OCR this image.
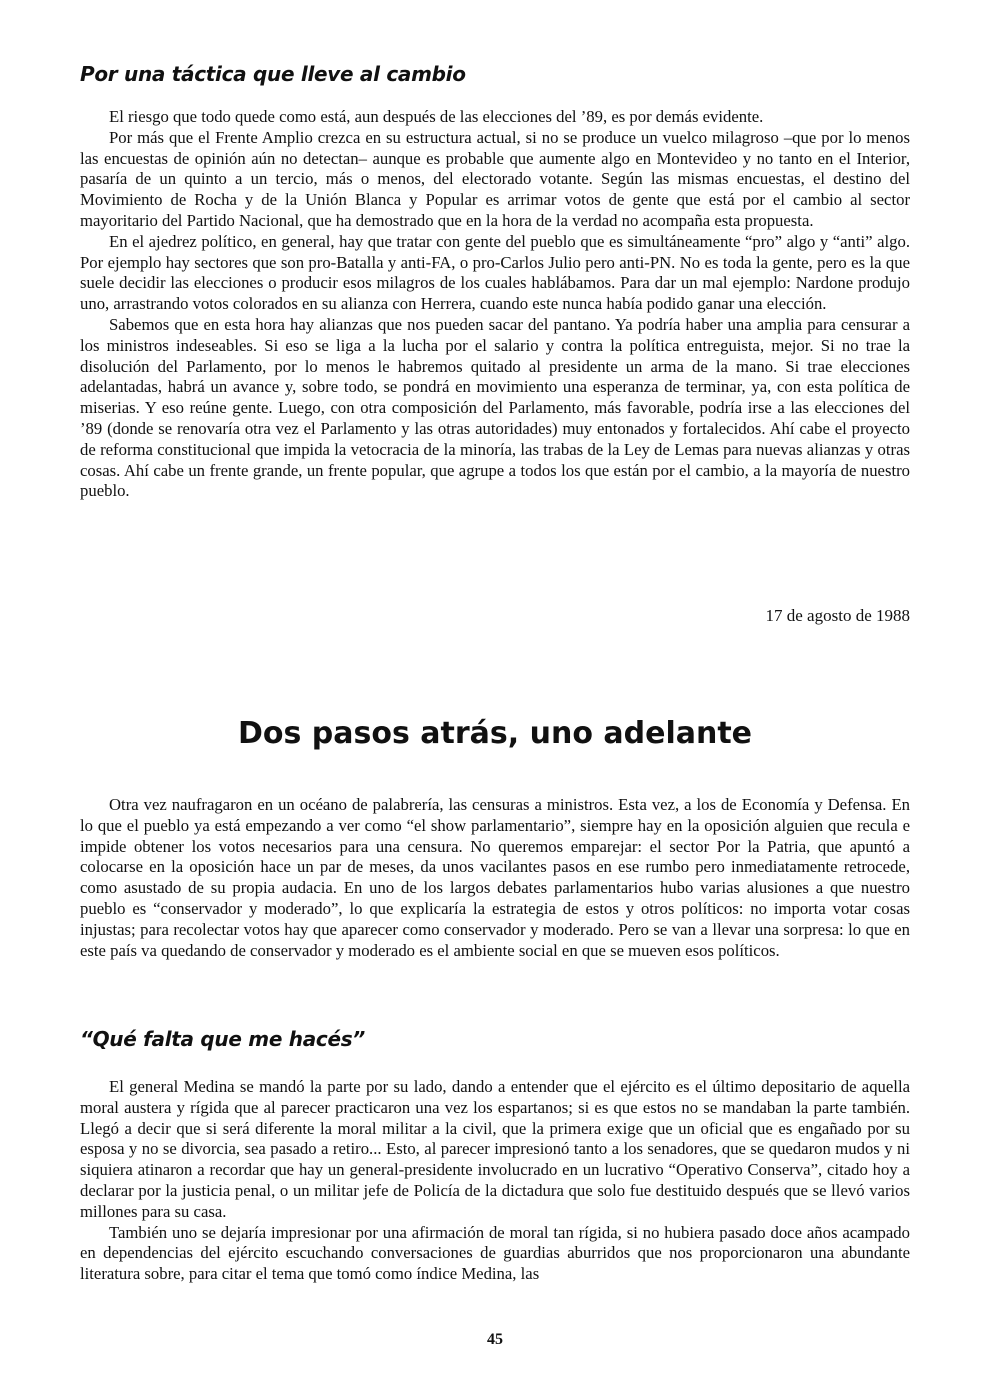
Por una táctica que lleve al cambio

El riesgo que todo quede como está, aun después de las elecciones del ’89, es por demás evidente.

Por más que el Frente Amplio crezca en su estructura actual, si no se produce un vuelco milagroso –que por lo menos las encuestas de opinión aún no detectan– aunque es probable que aumente algo en Montevideo y no tanto en el Interior, pasaría de un quinto a un tercio, más o menos, del electorado votante. Según las mismas encuestas, el destino del Movimiento de Rocha y de la Unión Blanca y Popular es arrimar votos de gente que está por el cambio al sector mayoritario del Partido Nacional, que ha demostrado que en la hora de la verdad no acompaña esta propuesta.

En el ajedrez político, en general, hay que tratar con gente del pueblo que es simultáneamente “pro” algo y “anti” algo. Por ejemplo hay sectores que son pro-Batalla y anti-FA, o pro-Carlos Julio pero anti-PN. No es toda la gente, pero es la que suele decidir las elecciones o producir esos milagros de los cuales hablábamos. Para dar un mal ejemplo: Nardone produjo uno, arrastrando votos colorados en su alianza con Herrera, cuando este nunca había podido ganar una elección.

Sabemos que en esta hora hay alianzas que nos pueden sacar del pantano. Ya podría haber una amplia para censurar a los ministros indeseables. Si eso se liga a la lucha por el salario y contra la política entreguista, mejor. Si no trae la disolución del Parlamento, por lo menos le habremos quitado al presidente un arma de la mano. Si trae elecciones adelantadas, habrá un avance y, sobre todo, se pondrá en movimiento una esperanza de terminar, ya, con esta política de miserias. Y eso reúne gente. Luego, con otra composición del Parlamento, más favorable, podría irse a las elecciones del ’89 (donde se renovaría otra vez el Parlamento y las otras autoridades) muy entonados y fortalecidos. Ahí cabe el proyecto de reforma constitucional que impida la vetocracia de la minoría, las trabas de la Ley de Lemas para nuevas alianzas y otras cosas. Ahí cabe un frente grande, un frente popular, que agrupe a todos los que están por el cambio, a la mayoría de nuestro pueblo.

17 de agosto de 1988

Dos pasos atrás, uno adelante

Otra vez naufragaron en un océano de palabrería, las censuras a ministros. Esta vez, a los de Economía y Defensa. En lo que el pueblo ya está empezando a ver como “el show parlamentario”, siempre hay en la oposición alguien que recula e impide obtener los votos necesarios para una censura. No queremos emparejar: el sector Por la Patria, que apuntó a colocarse en la oposición hace un par de meses, da unos vacilantes pasos en ese rumbo pero inmediatamente retrocede, como asustado de su propia audacia. En uno de los largos debates parlamentarios hubo varias alusiones a que nuestro pueblo es “conservador y moderado”, lo que explicaría la estrategia de estos y otros políticos: no importa votar cosas injustas; para recolectar votos hay que aparecer como conservador y moderado. Pero se van a llevar una sorpresa: lo que en este país va quedando de conservador y moderado es el ambiente social en que se mueven esos políticos.

“Qué falta que me hacés”

El general Medina se mandó la parte por su lado, dando a entender que el ejército es el último depositario de aquella moral austera y rígida que al parecer practicaron una vez los espartanos; si es que estos no se mandaban la parte también. Llegó a decir que si será diferente la moral militar a la civil, que la primera exige que un oficial que es engañado por su esposa y no se divorcia, sea pasado a retiro... Esto, al parecer impresionó tanto a los senadores, que se quedaron mudos y ni siquiera atinaron a recordar que hay un general-presidente involucrado en un lucrativo “Operativo Conserva”, citado hoy a declarar por la justicia penal, o un militar jefe de Policía de la dictadura que solo fue destituido después que se llevó varios millones para su casa.

También uno se dejaría impresionar por una afirmación de moral tan rígida, si no hubiera pasado doce años acampado en dependencias del ejército escuchando conversaciones de guardias aburridos que nos proporcionaron una abundante literatura sobre, para citar el tema que tomó como índice Medina, las

45
